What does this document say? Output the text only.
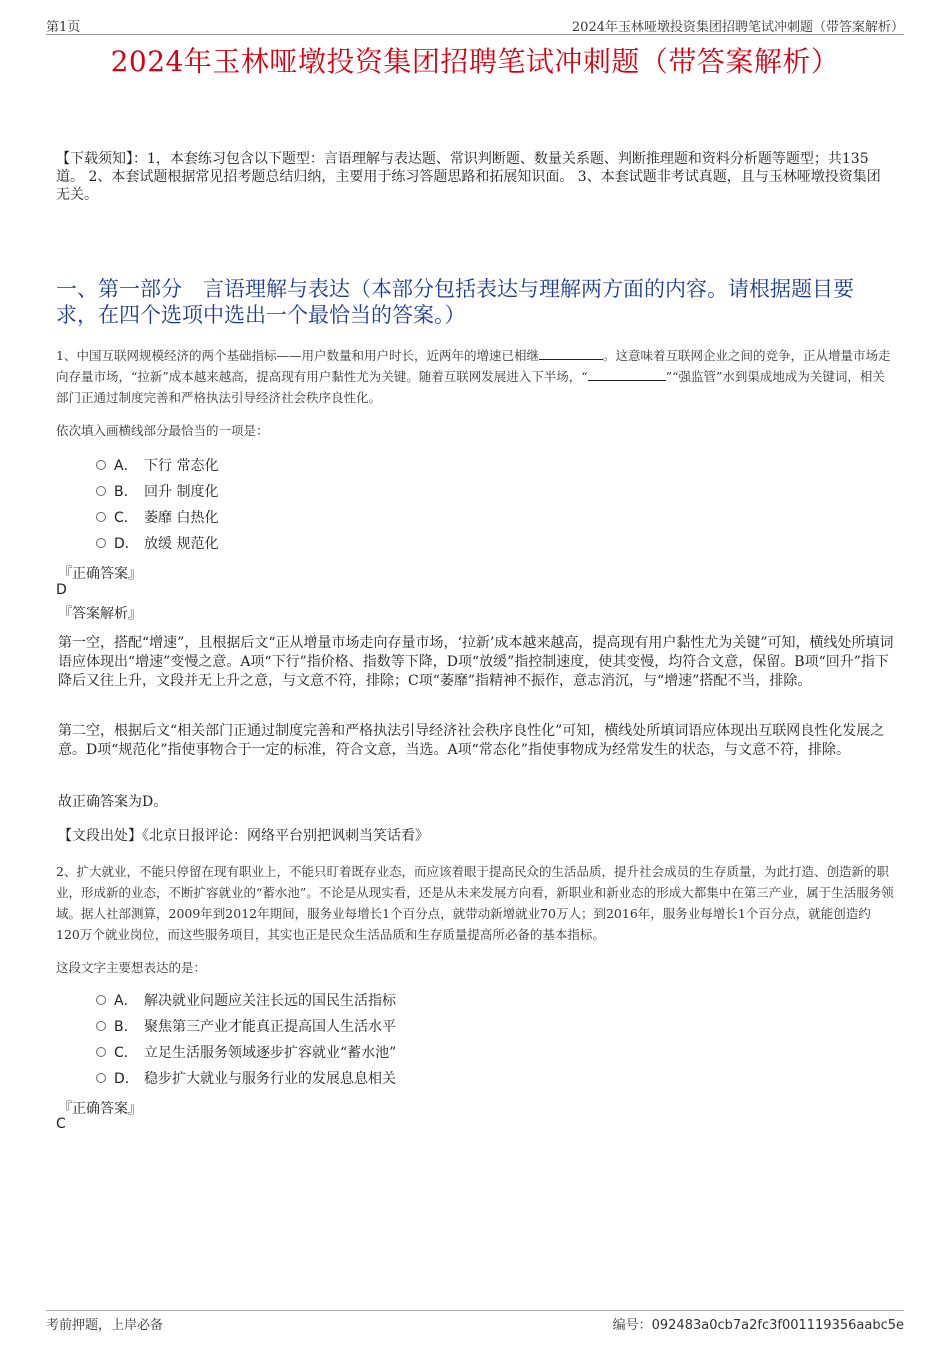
第1页	2024年玉林哑墩投资集团招聘笔试冲刺题（带答案解析）
2024年玉林哑墩投资集团招聘笔试冲刺题（带答案解析）
【下载须知】：1，本套练习包含以下题型：言语理解与表达题、常识判断题、数量关系题、判断推理题和资料分析题等题型；共135道。 2、本套试题根据常见招考题总结归纳，主要用于练习答题思路和拓展知识面。 3、本套试题非考试真题，且与玉林哑墩投资集团无关。
一、第一部分　言语理解与表达（本部分包括表达与理解两方面的内容。请根据题目要求，在四个选项中选出一个最恰当的答案。）
1、中国互联网规模经济的两个基础指标——用户数量和用户时长，近两年的增速已相继	。这意味着互联网企业之间的竞争，正从增量市场走向存量市场，“拉新”成本越来越高，提高现有用户黏性尤为关键。随着互联网发展进入下半场，“	”“强监管”水到渠成地成为关键词，相关部门正通过制度完善和严格执法引导经济社会秩序良性化。
依次填入画横线部分最恰当的一项是：
A． 下行 常态化
B． 回升 制度化
C． 萎靡 白热化
D． 放缓 规范化
『正确答案』
D
『答案解析』
第一空，搭配“增速”，且根据后文“正从增量市场走向存量市场，‘拉新’成本越来越高，提高现有用户黏性尤为关键”可知，横线处所填词语应体现出“增速”变慢之意。A项“下行”指价格、指数等下降，D项“放缓”指控制速度，使其变慢，均符合文意，保留。B项“回升”指下降后又往上升，文段并无上升之意，与文意不符，排除；C项“萎靡”指精神不振作，意志消沉，与“增速”搭配不当，排除。
第二空，根据后文“相关部门正通过制度完善和严格执法引导经济社会秩序良性化”可知，横线处所填词语应体现出互联网良性化发展之意。D项“规范化”指使事物合于一定的标准，符合文意，当选。A项“常态化”指使事物成为经常发生的状态，与文意不符，排除。
故正确答案为D。
【文段出处】《北京日报评论：网络平台别把讽刺当笑话看》
2、扩大就业，不能只停留在现有职业上，不能只盯着既存业态，而应该着眼于提高民众的生活品质，提升社会成员的生存质量，为此打造、创造新的职业，形成新的业态，不断扩容就业的“蓄水池”。不论是从现实看，还是从未来发展方向看，新职业和新业态的形成大都集中在第三产业，属于生活服务领域。据人社部测算，2009年到2012年期间，服务业每增长1个百分点，就带动新增就业70万人；到2016年，服务业每增长1个百分点，就能创造约120万个就业岗位，而这些服务项目，其实也正是民众生活品质和生存质量提高所必备的基本指标。
这段文字主要想表达的是：
A． 解决就业问题应关注长远的国民生活指标
B． 聚焦第三产业才能真正提高国人生活水平
C． 立足生活服务领域逐步扩容就业“蓄水池”
D． 稳步扩大就业与服务行业的发展息息相关
『正确答案』
C
考前押题，上岸必备	编号：092483a0cb7a2fc3f001119356aabc5e
